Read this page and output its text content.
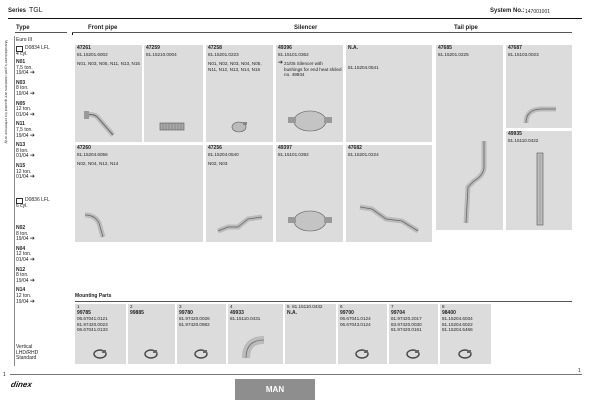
Series TGL	System No.: 147001001
Type	Front pipe	Silencer	Tail pipe
Manufacturer's part numbers are quoted for reference only Euro III
D0834 LFL
4 cyl.
N01
7,5 ton.
19/04 ➔
N03
8 ton.
19/04 ➔
N05
12 ton.
01/04 ➔
N11
7,5 ton.
19/04 ➔
N13
8 ton.
01/04 ➔
N15
12 ton.
01/04 ➔
D0836 LFL
6 cyl.
N02
8 ton.
19/04 ➔
N04
12 ton.
01/04 ➔
N12
8 ton.
19/04 ➔
N14
12 ton.
19/04 ➔
Vertical
LHD/RHD
Standard
47261
81.15201.6002
N01, N03, N05, N11, N13, N15
47259
81.15210.0004
47258
81.15201.0223
N01, N02, N03, N04, N05, N11, N12, N13, N14, N15
49396
81.15101.0362
➔ 21/05 Silencer with bushings for end heat shiled no. 49934
N.A.
81.15204.0541
47685
81.15201.0225
47687
81.15103.0023
47260
81.15204.6056
N02, N04, N12, N14
47256
81.15204.0540
N02, N03
49397
81.15101.0392
47682
81.15201.0224
49935
81.15110.0422
Mounting Parts
1
99785
06.67041.0121
81.97420.0023
06.67041.0133
2
99885
3
99780
81.97420.0026
81.97420.0982
4
49933
81.15110.0431
5 81.15110.0432
N.A.
6
99700
06.67041.0124
06.67043.0124
7
99704
81.97420.2017
83.97420.0030
81.97420.0161
8
98400
81.15204.6034
81.15204.6022
81.15204.5466
1
1
dinex
MAN
